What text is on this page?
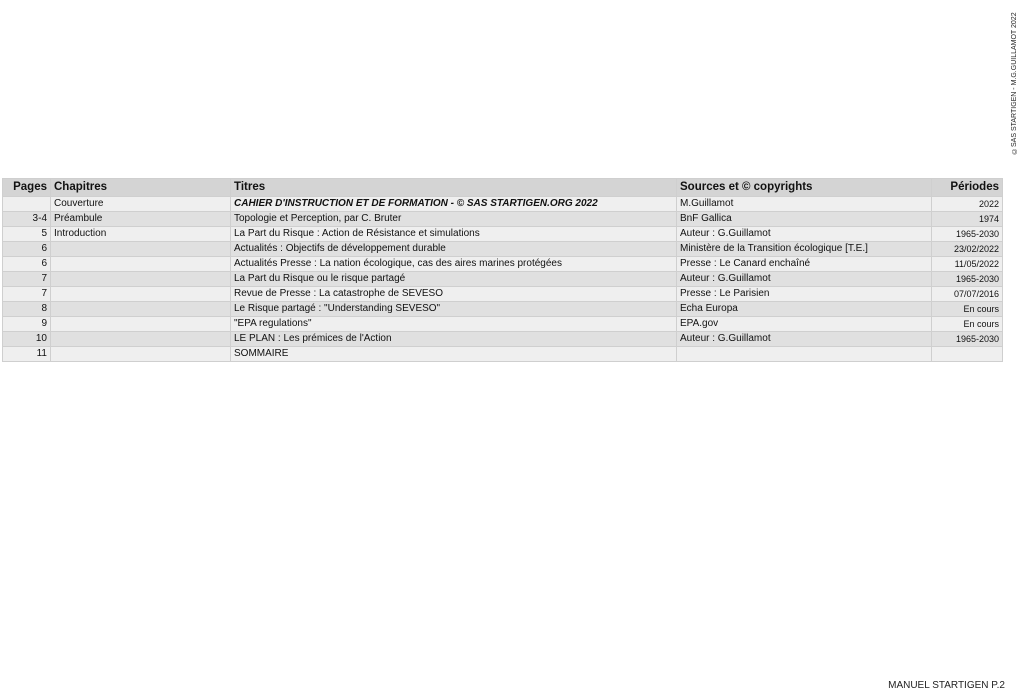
©SAS STARTIGEN - M.G.GUILLAMOT 2022
Pages	Chapitres	Titres	Sources et © copyrights	Périodes
	Couverture	CAHIER D'INSTRUCTION ET DE FORMATION - © SAS STARTIGEN.ORG 2022	M.Guillamot	2022
3-4	Préambule	Topologie et Perception, par C. Bruter	BnF Gallica	1974
5	Introduction	La Part du Risque : Action de Résistance et simulations	Auteur : G.Guillamot	1965-2030
6		Actualités : Objectifs de développement durable	Ministère de la Transition écologique [T.E.]	23/02/2022
6		Actualités Presse : La nation écologique, cas des aires marines protégées	Presse : Le Canard enchaîné	11/05/2022
7		La Part du Risque ou le risque partagé	Auteur : G.Guillamot	1965-2030
7		Revue de Presse : La catastrophe de SEVESO	Presse : Le Parisien	07/07/2016
8		Le Risque partagé : "Understanding SEVESO"	Echa Europa	En cours
9		"EPA regulations"	EPA.gov	En cours
10		LE PLAN : Les prémices de l'Action	Auteur : G.Guillamot	1965-2030
11		SOMMAIRE		
MANUEL STARTIGEN P.2
